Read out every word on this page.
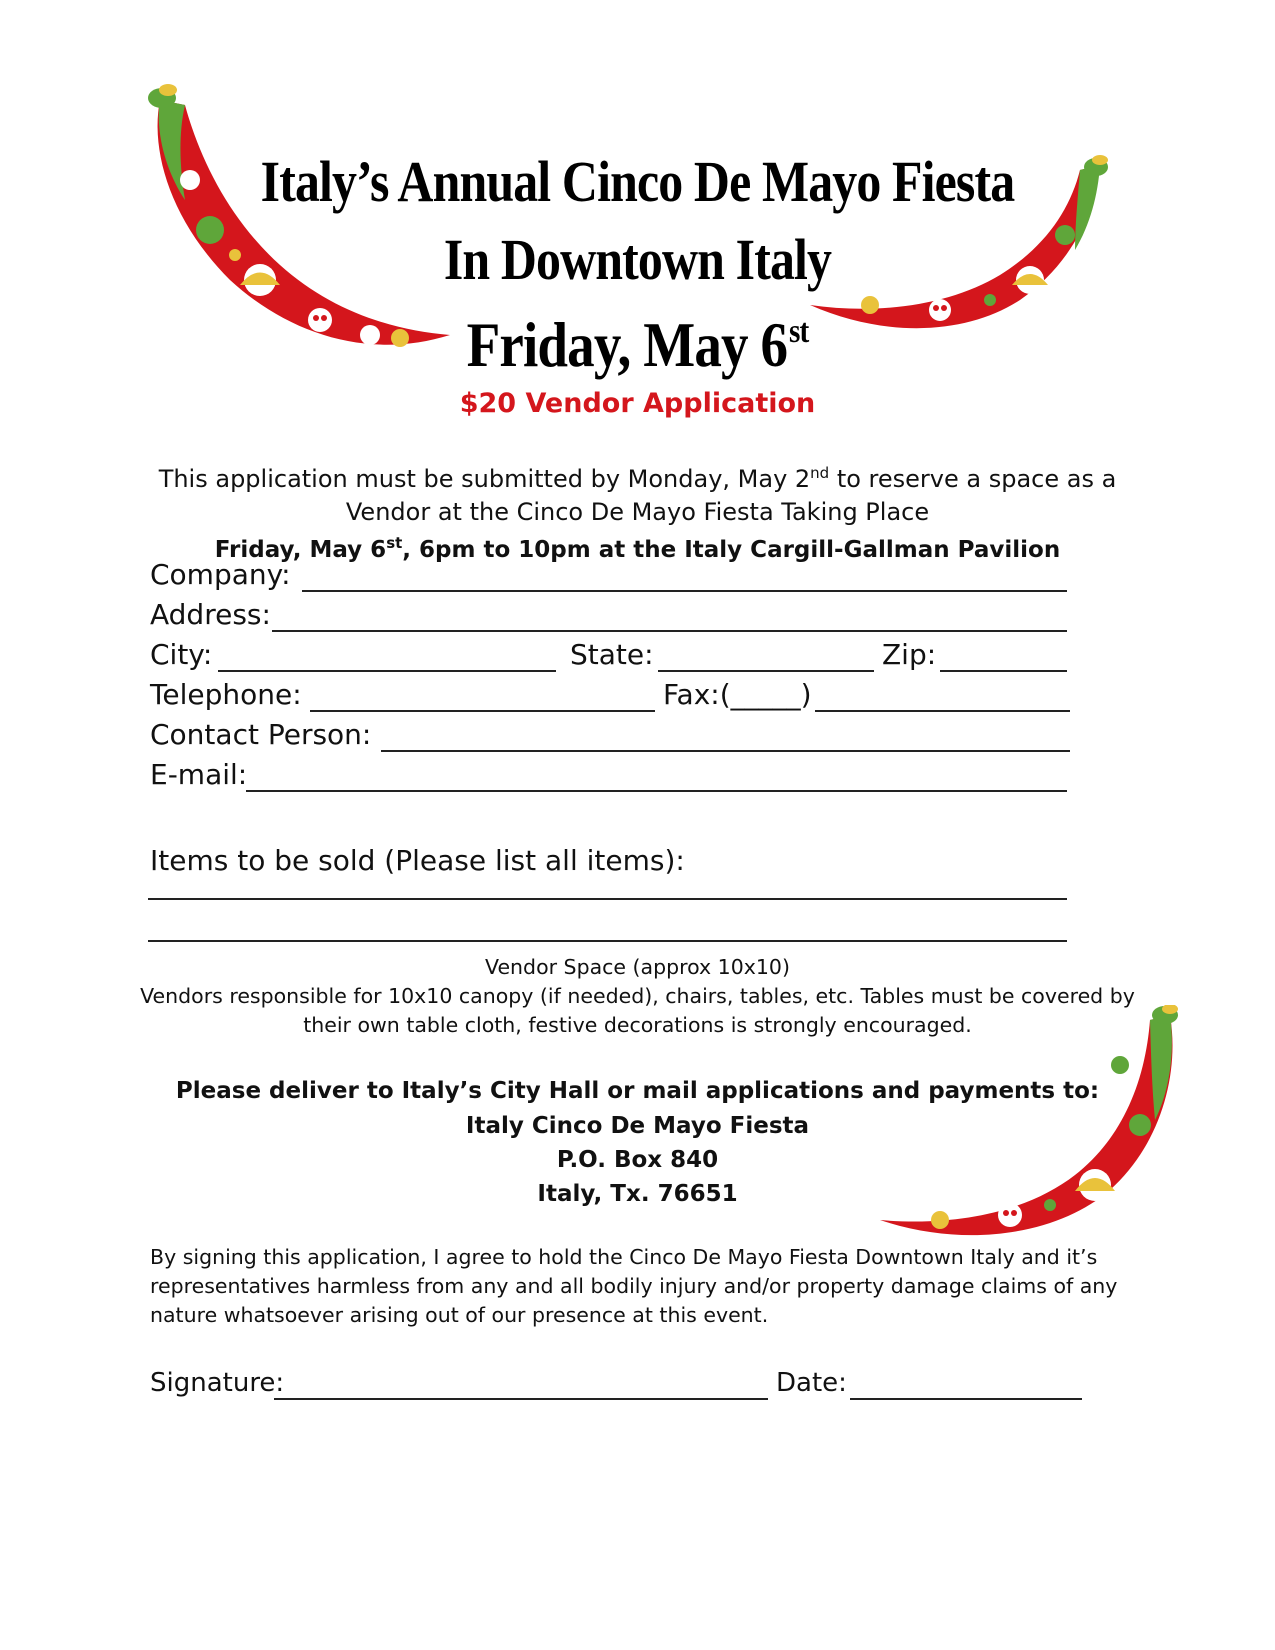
Italy’s Annual Cinco De Mayo Fiesta
In Downtown Italy
Friday, May 6st
$20 Vendor Application
This application must be submitted by Monday, May 2nd to reserve a space as a
Vendor at the Cinco De Mayo Fiesta Taking Place
Friday, May 6st, 6pm to 10pm at the Italy Cargill-Gallman Pavilion
Company:
Address:
City:	State:	Zip:
Telephone:	Fax:(_____)
Contact Person:
E-mail:
Items to be sold (Please list all items):
Vendor Space (approx 10x10)
Vendors responsible for 10x10 canopy (if needed), chairs, tables, etc. Tables must be covered by
their own table cloth, festive decorations is strongly encouraged.
Please deliver to Italy’s City Hall or mail applications and payments to:
Italy Cinco De Mayo Fiesta
P.O. Box 840
Italy, Tx. 76651
By signing this application, I agree to hold the Cinco De Mayo Fiesta Downtown Italy and it’s
representatives harmless from any and all bodily injury and/or property damage claims of any
nature whatsoever arising out of our presence at this event.
Signature:	Date:
